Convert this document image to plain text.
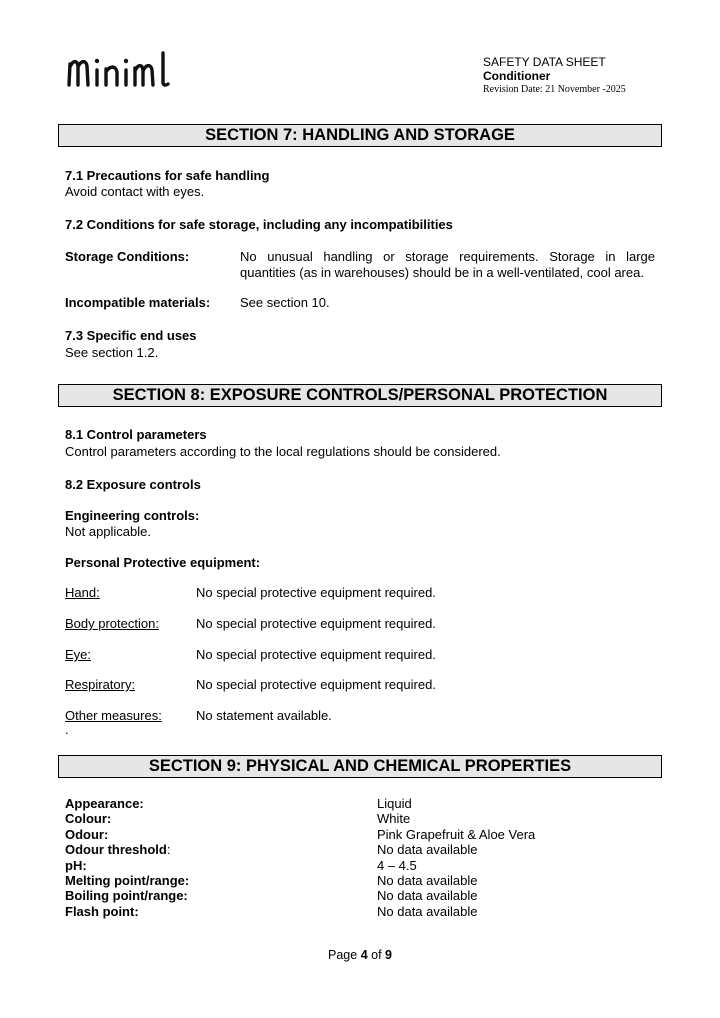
SAFETY DATA SHEET
Conditioner
Revision Date: 21 November -2025
SECTION 7: HANDLING AND STORAGE
7.1 Precautions for safe handling
Avoid contact with eyes.
7.2 Conditions for safe storage, including any incompatibilities
Storage Conditions:	No unusual handling or storage requirements. Storage in large quantities (as in warehouses) should be in a well-ventilated, cool area.
Incompatible materials: See section 10.
7.3 Specific end uses
See section 1.2.
SECTION 8: EXPOSURE CONTROLS/PERSONAL PROTECTION
8.1 Control parameters
Control parameters according to the local regulations should be considered.
8.2 Exposure controls
Engineering controls:
Not applicable.
Personal Protective equipment:
Hand:	No special protective equipment required.
Body protection:	No special protective equipment required.
Eye:	No special protective equipment required.
Respiratory:	No special protective equipment required.
Other measures:	No statement available.
.
SECTION 9: PHYSICAL AND CHEMICAL PROPERTIES
Appearance:	Liquid
Colour:	White
Odour:	Pink Grapefruit & Aloe Vera
Odour threshold:	No data available
pH:	4 – 4.5
Melting point/range:	No data available
Boiling point/range:	No data available
Flash point:	No data available
Page 4 of 9
